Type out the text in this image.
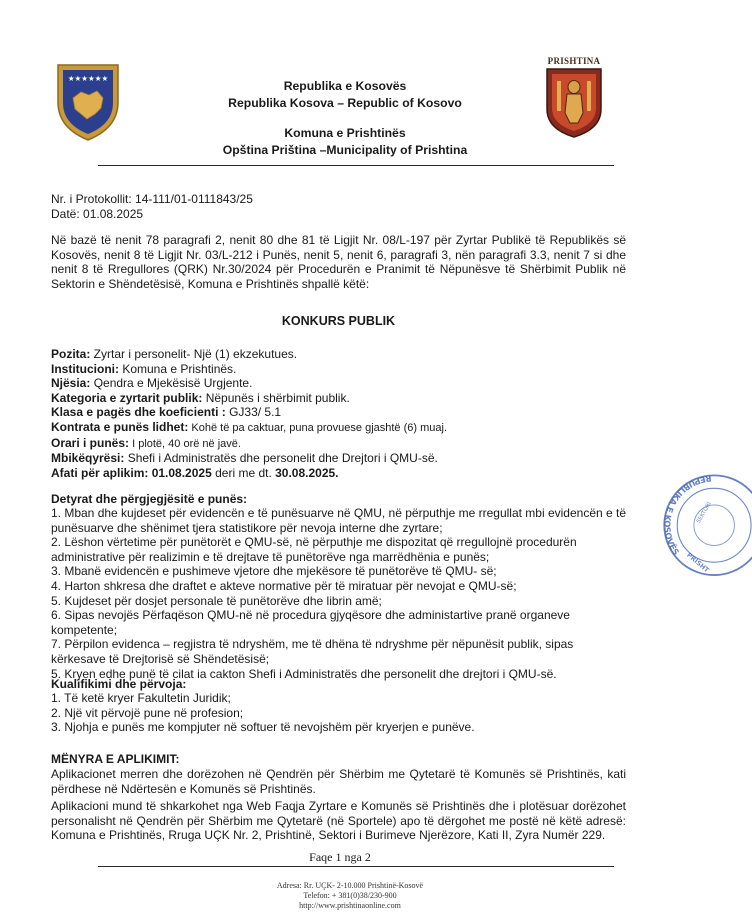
★★★★★★
PRISHTINA
Republika e Kosovës
Republika Kosova – Republic of Kosovo
Komuna e Prishtinës
Opština Priština –Municipality of Prishtina
Nr. i Protokollit: 14-111/01-0111843/25
Datë: 01.08.2025
Në bazë të nenit 78 paragrafi 2, nenit 80 dhe 81 të Ligjit Nr. 08/L-197 për Zyrtar Publikë të Republikës së Kosovës, nenit 8 të Ligjit Nr. 03/L-212 i Punës, nenit 5, nenit 6, paragrafi 3, nën paragrafi 3.3, nenit 7 si dhe nenit 8 të Rregullores (QRK) Nr.30/2024 për Procedurën e Pranimit të Nëpunësve të Shërbimit Publik në Sektorin e Shëndetësisë, Komuna e Prishtinës shpallë këtë:
KONKURS PUBLIK
Pozita: Zyrtar i personelit- Një (1) ekzekutues.
Institucioni: Komuna e Prishtinës.
Njësia: Qendra e Mjekësisë Urgjente.
Kategoria e zyrtarit publik: Nëpunës i shërbimit publik.
Klasa e pagës dhe koeficienti : GJ33/ 5.1
Kontrata e punës lidhet: Kohë të pa caktuar, puna provuese gjashtë (6) muaj.
Orari i punës: I plotë, 40 orë në javë.
Mbikëqyrësi: Shefi i Administratës dhe personelit dhe Drejtori i QMU-së.
Afati për aplikim: 01.08.2025 deri me dt. 30.08.2025.
Detyrat dhe përgjegjësitë e punës:
1. Mban dhe kujdeset për evidencën e të punësuarve në QMU, në përputhje me rregullat mbi evidencën e të punësuarve dhe shënimet tjera statistikore për nevoja interne dhe zyrtare;
2. Lëshon vërtetime për punëtorët e QMU-së, në përputhje me dispozitat që rregullojnë procedurën administrative për realizimin e të drejtave të punëtorëve nga marrëdhënia e punës;
3. Mbanë evidencën e pushimeve vjetore dhe mjekësore të punëtorëve të QMU- së;
4. Harton shkresa dhe draftet e akteve normative për të miratuar për nevojat e QMU-së;
5. Kujdeset për dosjet personale të punëtorëve dhe librin amë;
6. Sipas nevojës Përfaqëson QMU-në në procedura gjyqësore dhe administartive pranë organeve kompetente;
7. Përpilon evidenca – regjistra të ndryshëm, me të dhëna të ndryshme për nëpunësit publik, sipas kërkesave të Drejtorisë së Shëndetësisë;
5. Kryen edhe punë të cilat ia cakton Shefi i Administratës dhe personelit dhe drejtori i QMU-së.
Kualifikimi dhe përvoja:
1. Të ketë kryer Fakultetin Juridik;
2. Një vit përvojë pune në profesion;
3. Njohja e punës me kompjuter në softuer të nevojshëm për kryerjen e punëve.
MËNYRA E APLIKIMIT:
Aplikacionet merren dhe dorëzohen në Qendrën për Shërbim me Qytetarë të Komunës së Prishtinës, kati përdhese në Ndërtesën e Komunës së Prishtinës.
Aplikacioni mund të shkarkohet nga Web Faqja Zyrtare e Komunës së Prishtinës dhe i plotësuar dorëzohet personalisht në Qendrën për Shërbim me Qytetarë (në Sportele) apo të dërgohet me postë në këtë adresë: Komuna e Prishtinës, Rruga UÇK Nr. 2, Prishtinë, Sektori i Burimeve Njerëzore, Kati II, Zyra Numër 229.
Faqe 1 nga 2
Adresa: Rr. UÇK- 2-10.000 Prishtinë-Kosovë
Telefon: + 381(0)38/230-900
http://www.prishtinaonline.com
REPUBLIKA E KOSOVËS
SEKTORI
PRISHT
